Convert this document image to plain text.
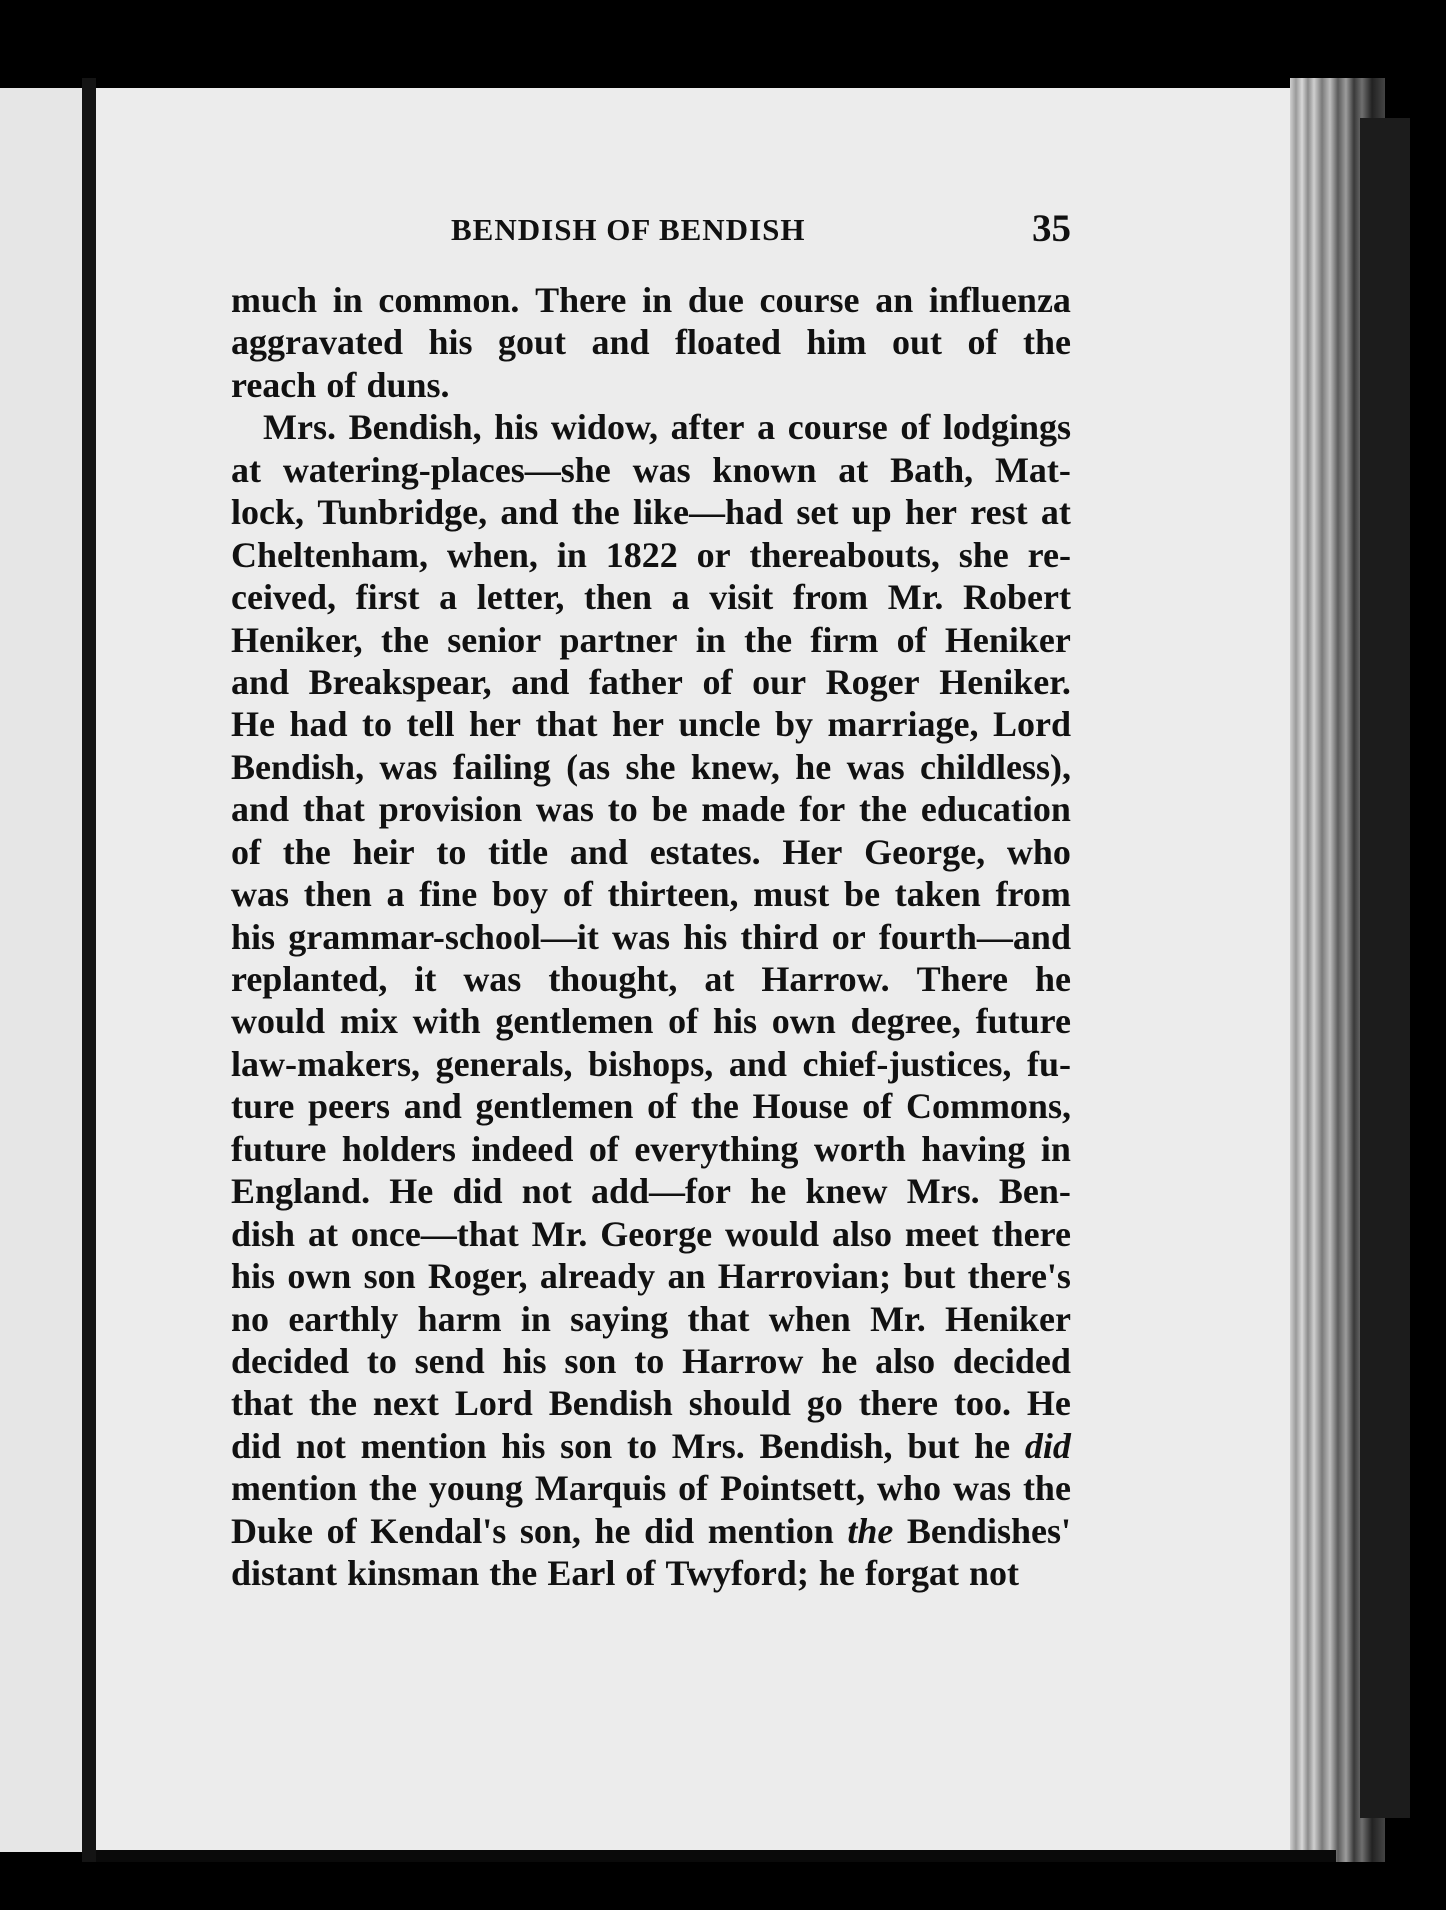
BENDISH OF BENDISH	35
much in common. There in due course an influenza
aggravated his gout and floated him out of the
reach of duns.
Mrs. Bendish, his widow, after a course of lodgings
at watering-places—she was known at Bath, Mat-
lock, Tunbridge, and the like—had set up her rest at
Cheltenham, when, in 1822 or thereabouts, she re-
ceived, first a letter, then a visit from Mr. Robert
Heniker, the senior partner in the firm of Heniker
and Breakspear, and father of our Roger Heniker.
He had to tell her that her uncle by marriage, Lord
Bendish, was failing (as she knew, he was childless),
and that provision was to be made for the education
of the heir to title and estates. Her George, who
was then a fine boy of thirteen, must be taken from
his grammar-school—it was his third or fourth—and
replanted, it was thought, at Harrow. There he
would mix with gentlemen of his own degree, future
law-makers, generals, bishops, and chief-justices, fu-
ture peers and gentlemen of the House of Commons,
future holders indeed of everything worth having in
England. He did not add—for he knew Mrs. Ben-
dish at once—that Mr. George would also meet there
his own son Roger, already an Harrovian; but there's
no earthly harm in saying that when Mr. Heniker
decided to send his son to Harrow he also decided
that the next Lord Bendish should go there too. He
did not mention his son to Mrs. Bendish, but he did
mention the young Marquis of Pointsett, who was the
Duke of Kendal's son, he did mention the Bendishes'
distant kinsman the Earl of Twyford; he forgat not
